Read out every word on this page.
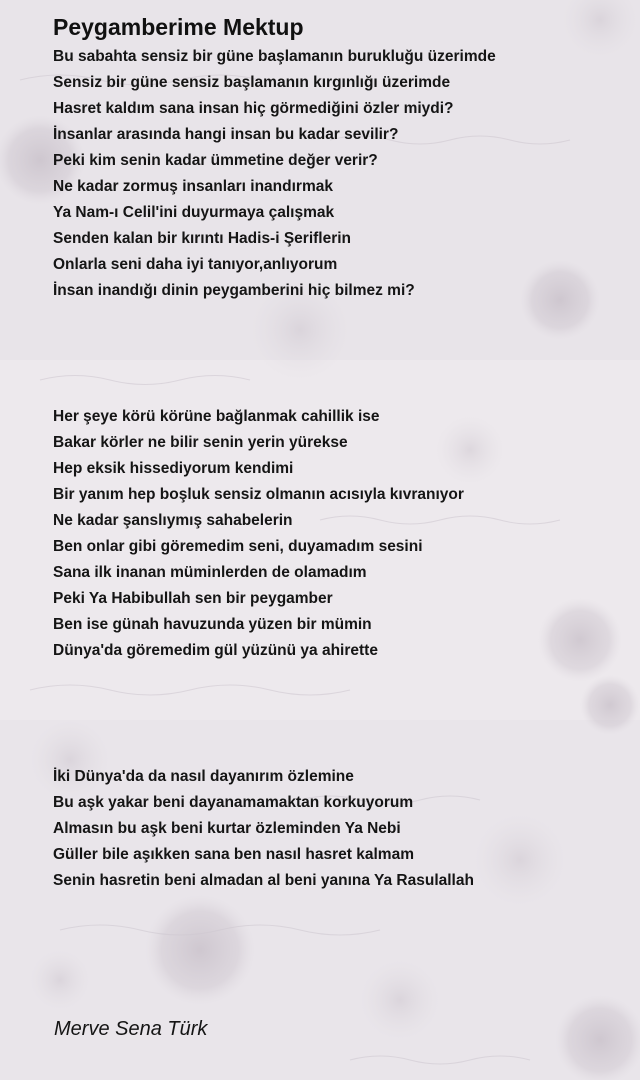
Peygamberime Mektup
Bu sabahta sensiz bir güne başlamanın burukluğu üzerimde
Sensiz bir güne sensiz başlamanın kırgınlığı üzerimde
Hasret kaldım sana insan hiç görmediğini özler miydi?
İnsanlar arasında hangi insan bu kadar sevilir?
Peki kim senin kadar ümmetine değer verir?
Ne kadar zormuş insanları inandırmak
Ya Nam-ı Celil'ini duyurmaya çalışmak
Senden kalan bir kırıntı Hadis-i Şeriflerin
Onlarla seni daha iyi tanıyor,anlıyorum
İnsan inandığı dinin peygamberini hiç bilmez mi?
Her şeye körü körüne bağlanmak cahillik ise
Bakar körler ne bilir senin yerin yürekse
Hep eksik hissediyorum kendimi
Bir yanım hep boşluk sensiz olmanın acısıyla kıvranıyor
Ne kadar şanslıymış sahabelerin
Ben onlar gibi göremedim seni, duyamadım sesini
Sana ilk inanan müminlerden de olamadım
Peki Ya Habibullah sen bir peygamber
Ben ise günah havuzunda yüzen bir mümin
Dünya'da göremedim gül yüzünü ya ahirette
İki Dünya'da da nasıl dayanırım özlemine
Bu aşk yakar beni dayanamamaktan korkuyorum
Almasın bu aşk beni kurtar özleminden Ya Nebi
Güller bile aşıkken sana ben nasıl hasret kalmam
Senin hasretin beni almadan al beni yanına Ya Rasulallah
Merve Sena Türk
